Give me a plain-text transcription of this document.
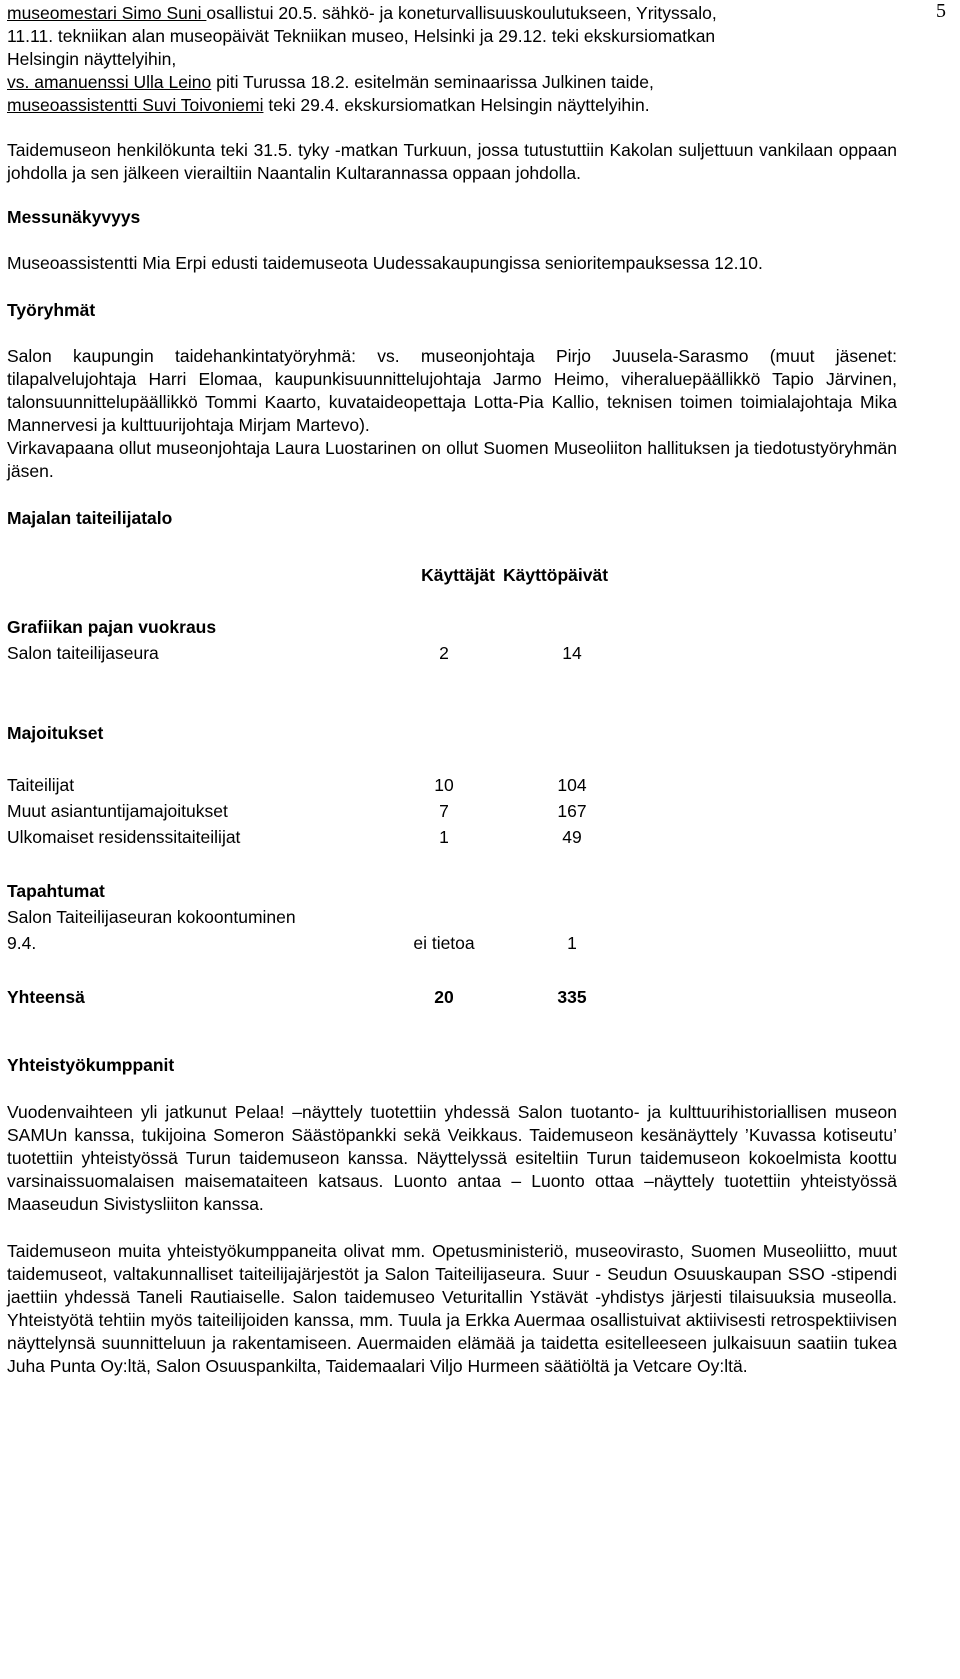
5

museomestari Simo Suni osallistui 20.5. sähkö- ja koneturvallisuuskoulutukseen, Yrityssalo,

11.11. tekniikan alan museopäivät Tekniikan museo, Helsinki ja 29.12. teki ekskursiomatkan

Helsingin näyttelyihin,

vs. amanuenssi Ulla Leino piti Turussa 18.2. esitelmän seminaarissa Julkinen taide,

museoassistentti Suvi Toivoniemi teki 29.4. ekskursiomatkan Helsingin näyttelyihin.

Taidemuseon henkilökunta teki 31.5. tyky -matkan Turkuun, jossa tutustuttiin Kakolan suljettuun vankilaan oppaan johdolla ja sen jälkeen vierailtiin Naantalin Kultarannassa oppaan johdolla.

Messunäkyvyys

Museoassistentti Mia Erpi edusti taidemuseota Uudessakaupungissa senioritempauksessa 12.10.

Työryhmät

Salon kaupungin taidehankintatyöryhmä: vs. museonjohtaja Pirjo Juusela-Sarasmo (muut jäsenet: tilapalvelujohtaja Harri Elomaa, kaupunkisuunnittelujohtaja Jarmo Heimo, viheraluepäällikkö Tapio Järvinen, talonsuunnittelupäällikkö Tommi Kaarto, kuvataideopettaja Lotta-Pia Kallio, teknisen toimen toimialajohtaja Mika Mannervesi ja kulttuurijohtaja Mirjam Martevo).

Virkavapaana ollut museonjohtaja Laura Luostarinen on ollut Suomen Museoliiton hallituksen ja tiedotustyöryhmän jäsen.

Majalan taiteilijatalo

	Käyttäjät	Käyttöpäivät

Grafiikan pajan vuokraus		
Salon taiteilijaseura	2	14

Majoitukset		

Taiteilijat	10	104
Muut asiantuntijamajoitukset	7	167
Ulkomaiset residenssitaiteilijat	1	49

Tapahtumat		
Salon Taiteilijaseuran kokoontuminen		
9.4.	ei tietoa	1

Yhteensä	20	335

Yhteistyökumppanit

Vuodenvaihteen yli jatkunut Pelaa! –näyttely tuotettiin yhdessä Salon tuotanto- ja kulttuurihistoriallisen museon SAMUn kanssa, tukijoina Someron Säästöpankki sekä Veikkaus. Taidemuseon kesänäyttely ’Kuvassa kotiseutu’ tuotettiin yhteistyössä Turun taidemuseon kanssa. Näyttelyssä esiteltiin Turun taidemuseon kokoelmista koottu varsinaissuomalaisen maisemataiteen katsaus. Luonto antaa – Luonto ottaa –näyttely tuotettiin yhteistyössä Maaseudun Sivistysliiton kanssa.

Taidemuseon muita yhteistyökumppaneita olivat mm. Opetusministeriö, museovirasto, Suomen Museoliitto, muut taidemuseot, valtakunnalliset taiteilijajärjestöt ja Salon Taiteilijaseura. Suur - Seudun Osuuskaupan SSO -stipendi jaettiin yhdessä Taneli Rautiaiselle. Salon taidemuseo Veturitallin Ystävät -yhdistys järjesti tilaisuuksia museolla. Yhteistyötä tehtiin myös taiteilijoiden kanssa, mm. Tuula ja Erkka Auermaa osallistuivat aktiivisesti retrospektiivisen näyttelynsä suunnitteluun ja rakentamiseen. Auermaiden elämää ja taidetta esitelleeseen julkaisuun saatiin tukea Juha Punta Oy:ltä, Salon Osuuspankilta, Taidemaalari Viljo Hurmeen säätiöltä ja Vetcare Oy:ltä.
